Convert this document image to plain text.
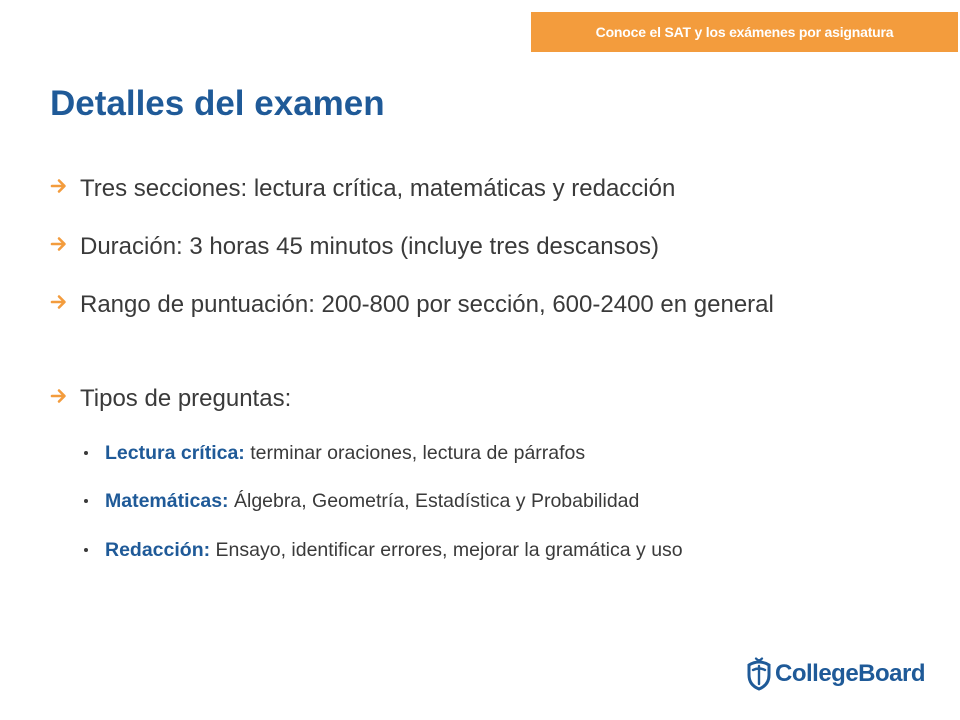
Conoce el SAT y los exámenes por asignatura
Detalles del examen
Tres secciones: lectura crítica, matemáticas y redacción
Duración: 3 horas 45 minutos (incluye tres descansos)
Rango de puntuación: 200-800 por sección, 600-2400 en general
Tipos de preguntas:
Lectura crítica: terminar oraciones, lectura de párrafos
Matemáticas: Álgebra, Geometría, Estadística y Probabilidad
Redacción: Ensayo, identificar errores, mejorar la gramática y uso
CollegeBoard
